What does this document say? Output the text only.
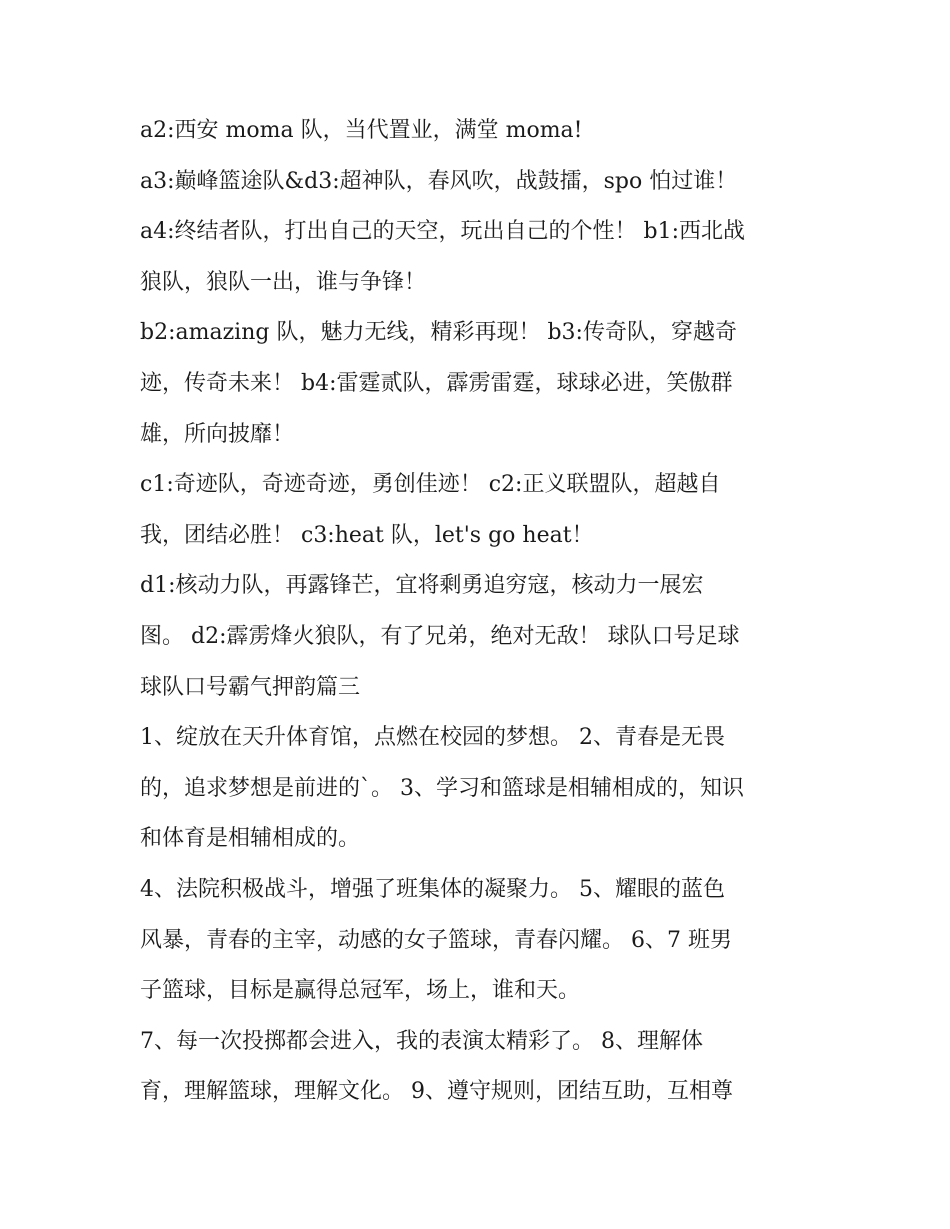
a2:西安 moma 队，当代置业，满堂 moma!
a3:巅峰篮途队&d3:超神队，春风吹，战鼓擂，spo 怕过谁！
a4:终结者队，打出自己的天空，玩出自己的个性！ b1:西北战
狼队，狼队一出，谁与争锋！
b2:amazing 队，魅力无线，精彩再现！ b3:传奇队，穿越奇
迹，传奇未来！ b4:雷霆贰队，霹雳雷霆，球球必进，笑傲群
雄，所向披靡！
c1:奇迹队，奇迹奇迹，勇创佳迹！ c2:正义联盟队，超越自
我，团结必胜！ c3:heat 队，let's go heat！
d1:核动力队，再露锋芒，宜将剩勇追穷寇，核动力一展宏
图。 d2:霹雳烽火狼队，有了兄弟，绝对无敌！ 球队口号足球
球队口号霸气押韵篇三
1、绽放在天升体育馆，点燃在校园的梦想。 2、青春是无畏
的，追求梦想是前进的`。 3、学习和篮球是相辅相成的，知识
和体育是相辅相成的。
4、法院积极战斗，增强了班集体的凝聚力。 5、耀眼的蓝色
风暴，青春的主宰，动感的女子篮球，青春闪耀。 6、7 班男
子篮球，目标是赢得总冠军，场上，谁和天。
7、每一次投掷都会进入，我的表演太精彩了。 8、理解体
育，理解篮球，理解文化。 9、遵守规则，团结互助，互相尊
